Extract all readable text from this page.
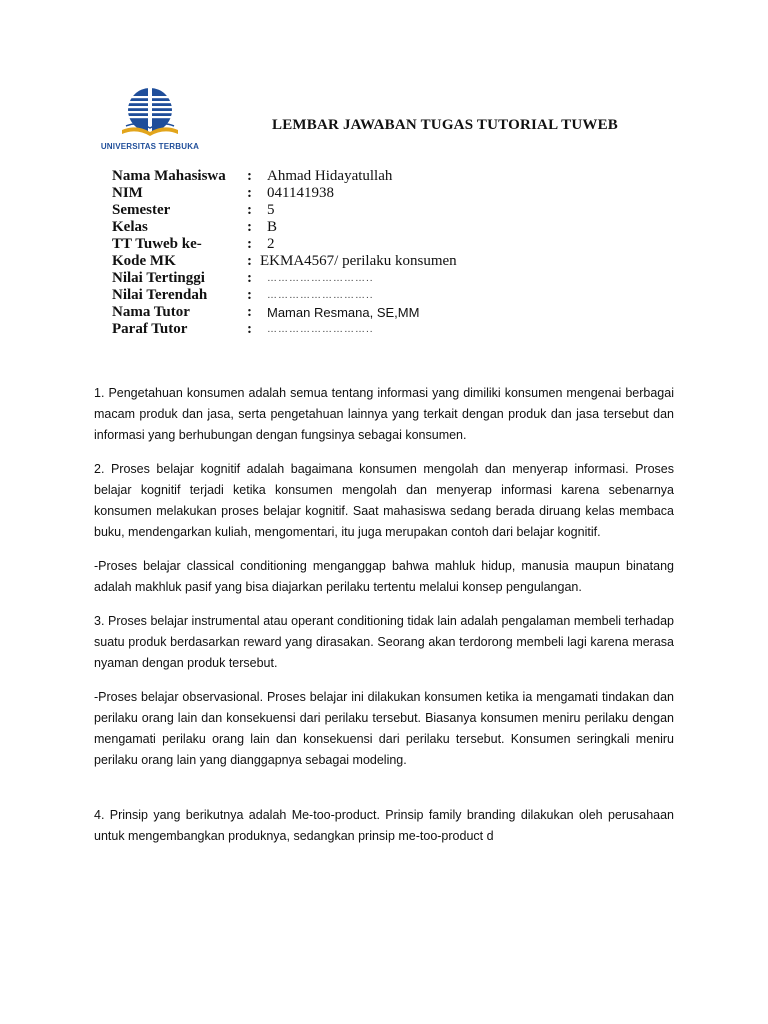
UNIVERSITAS TERBUKA
LEMBAR JAWABAN TUGAS TUTORIAL TUWEB
Nama Mahasiswa : Ahmad Hidayatullah
NIM	: 041141938
Semester	: 5
Kelas	: B
TT Tuweb ke-	: 2
Kode MK	: EKMA4567/ perilaku konsumen
Nilai Tertinggi	: ………………………..
Nilai Terendah	: ………………………..
Nama Tutor	: Maman Resmana, SE,MM
Paraf Tutor	: ………………………..

1. Pengetahuan konsumen adalah semua tentang informasi yang dimiliki konsumen mengenai berbagai macam produk dan jasa, serta pengetahuan lainnya yang terkait dengan produk dan jasa tersebut dan informasi yang berhubungan dengan fungsinya sebagai konsumen.

2. Proses belajar kognitif adalah bagaimana konsumen mengolah dan menyerap informasi. Proses belajar kognitif terjadi ketika konsumen mengolah dan menyerap informasi karena sebenarnya konsumen melakukan proses belajar kognitif. Saat mahasiswa sedang berada diruang kelas membaca buku, mendengarkan kuliah, mengomentari, itu juga merupakan contoh dari belajar kognitif.

-Proses belajar classical conditioning menganggap bahwa mahluk hidup, manusia maupun binatang adalah makhluk pasif yang bisa diajarkan perilaku tertentu melalui konsep pengulangan.

3. Proses belajar instrumental atau operant conditioning tidak lain adalah pengalaman membeli terhadap suatu produk berdasarkan reward yang dirasakan. Seorang akan terdorong membeli lagi karena merasa nyaman dengan produk tersebut.

-Proses belajar observasional. Proses belajar ini dilakukan konsumen ketika ia mengamati tindakan dan perilaku orang lain dan konsekuensi dari perilaku tersebut. Biasanya konsumen meniru perilaku dengan mengamati perilaku orang lain dan konsekuensi dari perilaku tersebut. Konsumen seringkali meniru perilaku orang lain yang dianggapnya sebagai modeling.

4. Prinsip yang berikutnya adalah Me-too-product. Prinsip family branding dilakukan oleh perusahaan untuk mengembangkan produknya, sedangkan prinsip me-too-product d
